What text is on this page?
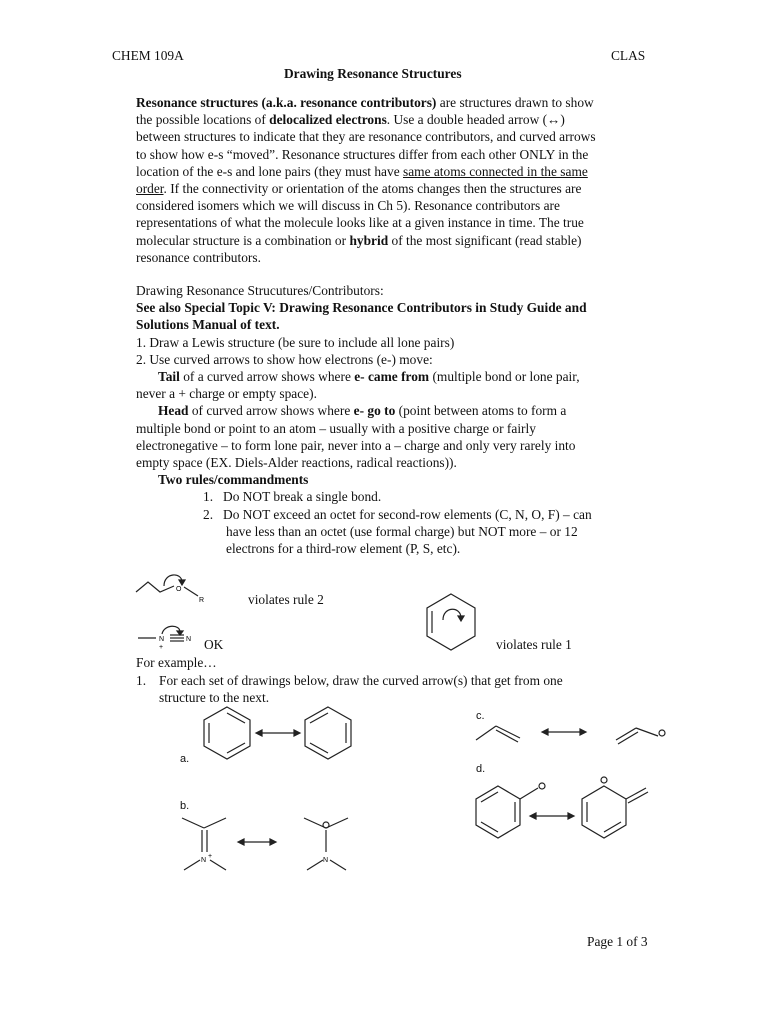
CHEM 109A	CLAS
Drawing Resonance Structures
Resonance structures (a.k.a. resonance contributors) are structures drawn to show
the possible locations of delocalized electrons. Use a double headed arrow (↔)
between structures to indicate that they are resonance contributors, and curved arrows
to show how e-s “moved”. Resonance structures differ from each other ONLY in the
location of the e-s and lone pairs (they must have same atoms connected in the same
order. If the connectivity or orientation of the atoms changes then the structures are
considered isomers which we will discuss in Ch 5). Resonance contributors are
representations of what the molecule looks like at a given instance in time. The true
molecular structure is a combination or hybrid of the most significant (read stable)
resonance contributors.
Drawing Resonance Strucutures/Contributors:
See also Special Topic V: Drawing Resonance Contributors in Study Guide and
Solutions Manual of text.
1. Draw a Lewis structure (be sure to include all lone pairs)
2. Use curved arrows to show how electrons (e-) move:
Tail of a curved arrow shows where e- came from (multiple bond or lone pair,
never a + charge or empty space).
Head of curved arrow shows where e- go to (point between atoms to form a
multiple bond or point to an atom – usually with a positive charge or fairly
electronegative – to form lone pair, never into a – charge and only very rarely into
empty space (EX. Diels-Alder reactions, radical reactions)).
Two rules/commandments
1. Do NOT break a single bond.
2. Do NOT exceed an octet for second-row elements (C, N, O, F) – can
have less than an octet (use formal charge) but NOT more – or 12
electrons for a third-row element (P, S, etc).
O
R	violates rule 2
violates rule 1
N
+
N OK
For example…
1. For each set of drawings below, draw the curved arrow(s) that get from one
structure to the next.
a.
b.
N
+
N
c.
d.
Page 1 of 3
